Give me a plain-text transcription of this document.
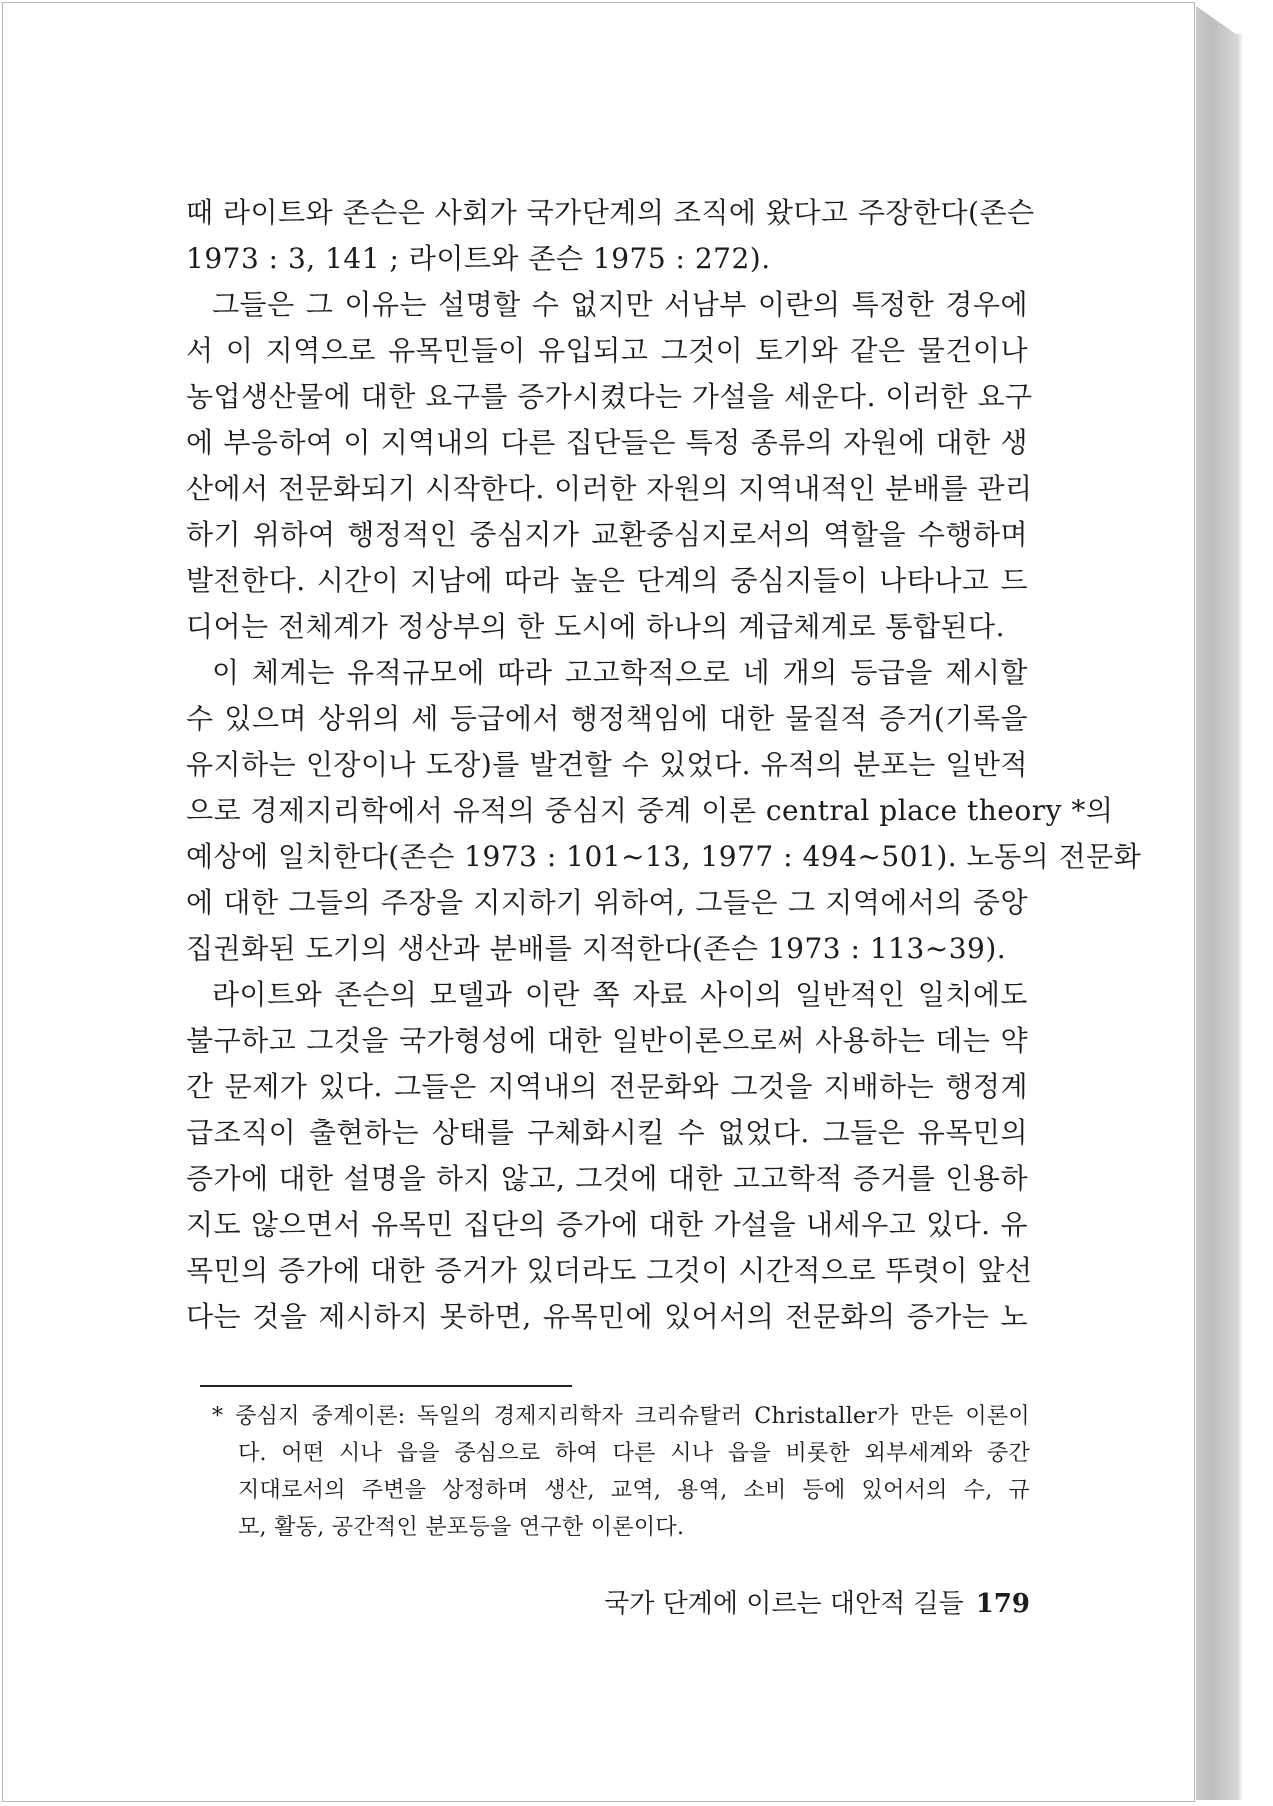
때 라이트와 존슨은 사회가 국가단계의 조직에 왔다고 주장한다(존슨
1973 : 3, 141 ; 라이트와 존슨 1975 : 272).
그들은 그 이유는 설명할 수 없지만 서남부 이란의 특정한 경우에
서 이 지역으로 유목민들이 유입되고 그것이 토기와 같은 물건이나
농업생산물에 대한 요구를 증가시켰다는 가설을 세운다. 이러한 요구
에 부응하여 이 지역내의 다른 집단들은 특정 종류의 자원에 대한 생
산에서 전문화되기 시작한다. 이러한 자원의 지역내적인 분배를 관리
하기 위하여 행정적인 중심지가 교환중심지로서의 역할을 수행하며
발전한다. 시간이 지남에 따라 높은 단계의 중심지들이 나타나고 드
디어는 전체계가 정상부의 한 도시에 하나의 계급체계로 통합된다.
이 체계는 유적규모에 따라 고고학적으로 네 개의 등급을 제시할
수 있으며 상위의 세 등급에서 행정책임에 대한 물질적 증거(기록을
유지하는 인장이나 도장)를 발견할 수 있었다. 유적의 분포는 일반적
으로 경제지리학에서 유적의 중심지 중계 이론 central place theory *의
예상에 일치한다(존슨 1973 : 101~13, 1977 : 494~501). 노동의 전문화
에 대한 그들의 주장을 지지하기 위하여, 그들은 그 지역에서의 중앙
집권화된 도기의 생산과 분배를 지적한다(존슨 1973 : 113~39).
라이트와 존슨의 모델과 이란 쪽 자료 사이의 일반적인 일치에도
불구하고 그것을 국가형성에 대한 일반이론으로써 사용하는 데는 약
간 문제가 있다. 그들은 지역내의 전문화와 그것을 지배하는 행정계
급조직이 출현하는 상태를 구체화시킬 수 없었다. 그들은 유목민의
증가에 대한 설명을 하지 않고, 그것에 대한 고고학적 증거를 인용하
지도 않으면서 유목민 집단의 증가에 대한 가설을 내세우고 있다. 유
목민의 증가에 대한 증거가 있더라도 그것이 시간적으로 뚜렷이 앞선
다는 것을 제시하지 못하면, 유목민에 있어서의 전문화의 증가는 노
* 중심지 중계이론: 독일의 경제지리학자 크리슈탈러 Christaller가 만든 이론이
다. 어떤 시나 읍을 중심으로 하여 다른 시나 읍을 비롯한 외부세계와 중간
지대로서의 주변을 상정하며 생산, 교역, 용역, 소비 등에 있어서의 수, 규
모, 활동, 공간적인 분포등을 연구한 이론이다.
국가 단계에 이르는 대안적 길들 179
